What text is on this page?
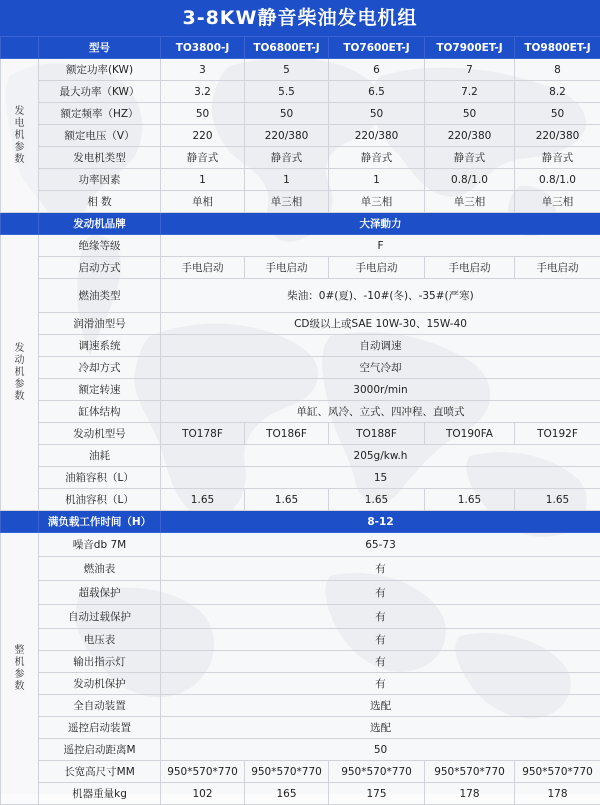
3-8KW静音柴油发电机组
	型号	TO3800-J	TO6800ET-J	TO7600ET-J	TO7900ET-J	TO9800ET-J
发电机参数	额定功率(KW)	3	5	6	7	8
	最大功率（KW）	3.2	5.5	6.5	7.2	8.2
	额定频率（HZ）	50	50	50	50	50
	额定电压（V）	220	220/380	220/380	220/380	220/380
	发电机类型	静音式	静音式	静音式	静音式	静音式
	功率因素	1	1	1	0.8/1.0	0.8/1.0
	相 数	单相	单三相	单三相	单三相	单三相
	发动机品牌	大泽動力				
发动机参数	绝缘等级	F				
	启动方式	手电启动	手电启动	手电启动	手电启动	手电启动
	燃油类型	柴油：0#(夏)、-10#(冬)、-35#(严寒)				
	润滑油型号	CD级以上或SAE 10W-30、15W-40				
	调速系统	自动调速				
	冷却方式	空气冷却				
	额定转速	3000r/min				
	缸体结构	单缸、风冷、立式、四冲程、直喷式				
	发动机型号	TO178F	TO186F	TO188F	TO190FA	TO192F
	油耗	205g/kw.h				
	油箱容积（L）	15				
	机油容积（L）	1.65	1.65	1.65	1.65	1.65
	满负载工作时间（H）	8-12				
整机参数	噪音db 7M	65-73				
	燃油表	有				
	超载保护	有				
	自动过载保护	有				
	电压表	有				
	输出指示灯	有				
	发动机保护	有				
	全自动装置	选配				
	遥控启动装置	选配				
	遥控启动距离M	50				
	长宽高尺寸MM	950*570*770	950*570*770	950*570*770	950*570*770	950*570*770
	机器重量kg	102	165	175	178	178
